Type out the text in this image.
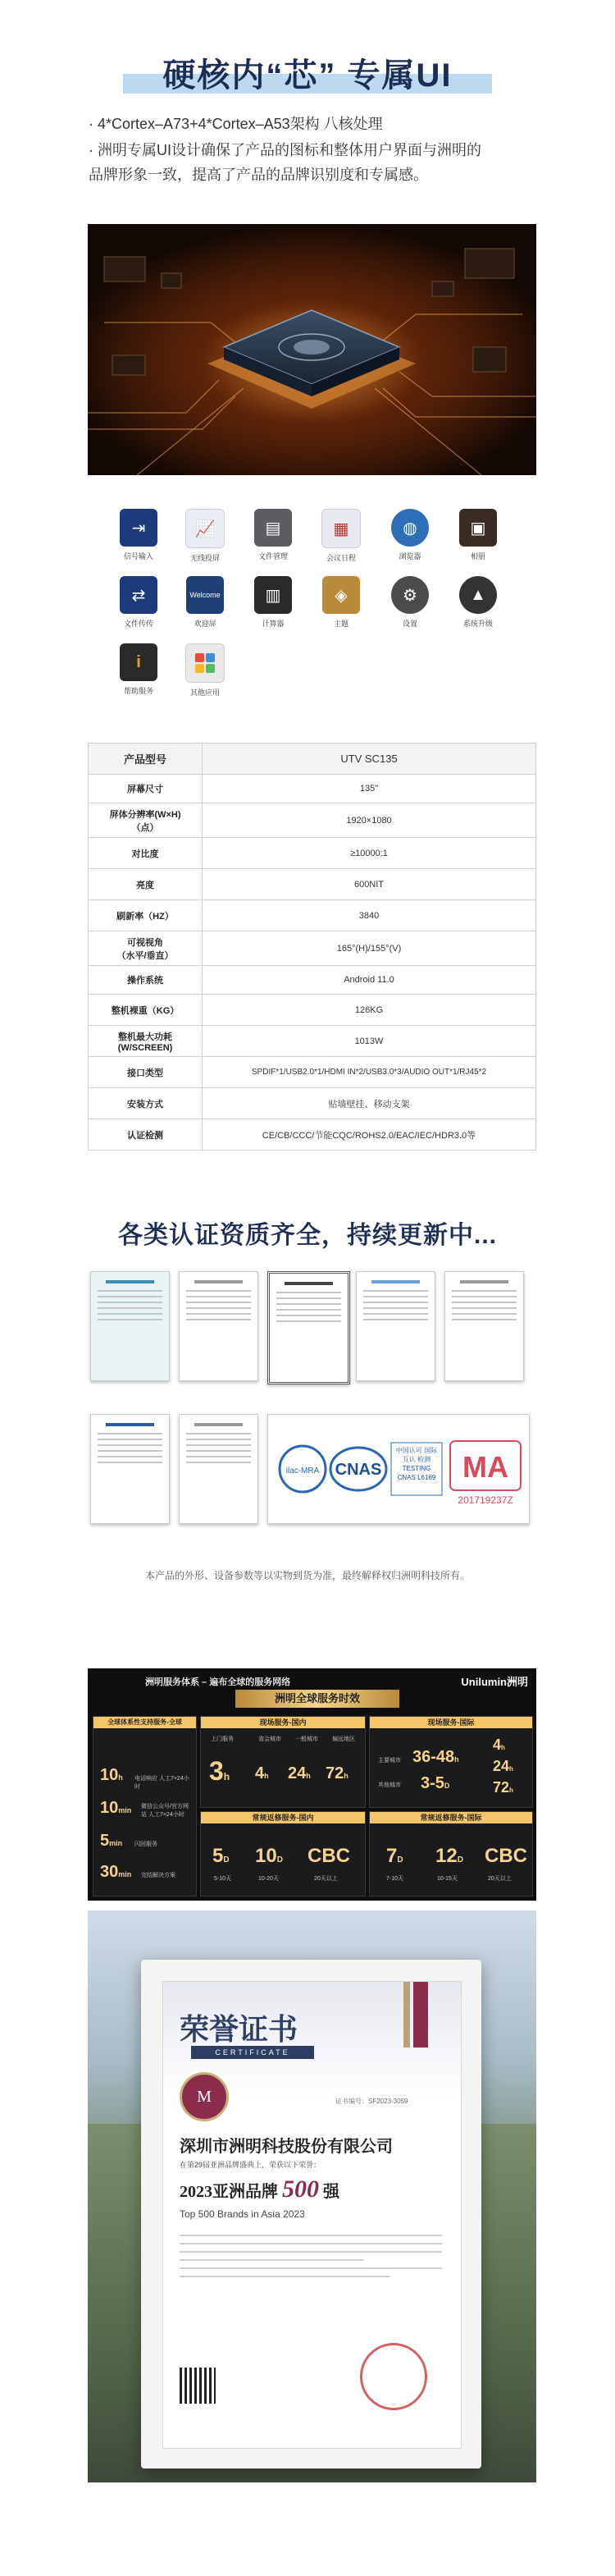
硬核内“芯” 专属UI
· 4*Cortex–A73+4*Cortex–A53架构 八核处理
· 洲明专属UI设计确保了产品的图标和整体用户界面与洲明的
品牌形象一致，提高了产品的品牌识别度和专属感。
⇥
信号输入
📈
无线投屏
▤
文件管理
▦
会议日程
◍
浏览器
▣
相册
⇄
文件传传
Welcome
欢迎屏
▥
计算器
◈
主题
⚙
设置
▲
系统升级
i
帮助服务	其他应用
产品型号	UTV SC135
屏幕尺寸	135"
屏体分辨率(W×H)
（点）	1920×1080
对比度	≥10000:1
亮度	600NIT
刷新率（HZ）	3840
可视视角
（水平/垂直）	165°(H)/155°(V)
操作系统	Android 11.0
整机裸重（KG）	126KG
整机最大功耗
(W/SCREEN)	1013W
接口类型	SPDIF*1/USB2.0*1/HDMI IN*2/USB3.0*3/AUDIO OUT*1/RJ45*2
安装方式	贴墙壁挂、移动支架
认证检测	CE/CB/CCC/节能CQC/ROHS2.0/EAC/IEC/HDR3.0等
各类认证资质齐全，持续更新中...
ilac-MRA CNAS
中国认可 国际互认 检测 TESTING CNAS L6169 MA
201719237Z
本产品的外形、设备参数等以实物到货为准，最终解释权归洲明科技所有。
洲明服务体系 – 遍布全球的服务网络	Unilumin洲明
洲明全球服务时效
全球体系性支持服务-全球
10h 电话响应 人工7×24小时
10min 微信公众号/官方网站 人工7×24小时
5min 闪回服务
30min 完结解决方案
现场服务-国内
上门服务	省会城市 一般城市 偏远地区
3h 4h 24h 72h
现场服务-国际
主要城市
其他城市
36-48h
3-5D
4h
24h
72h
常规返修服务-国内
5D 10D CBC
5-10天	10-20天	20天以上
常规返修服务-国际
7D 12D CBC
7-10天	10-15天	20天以上
荣誉证书
CERTIFICATE
M	证书编号：SF2023-3059
深圳市洲明科技股份有限公司
在第29届亚洲品牌盛典上，荣获以下荣誉：
2023亚洲品牌 500 强
Top 500 Brands in Asia 2023
